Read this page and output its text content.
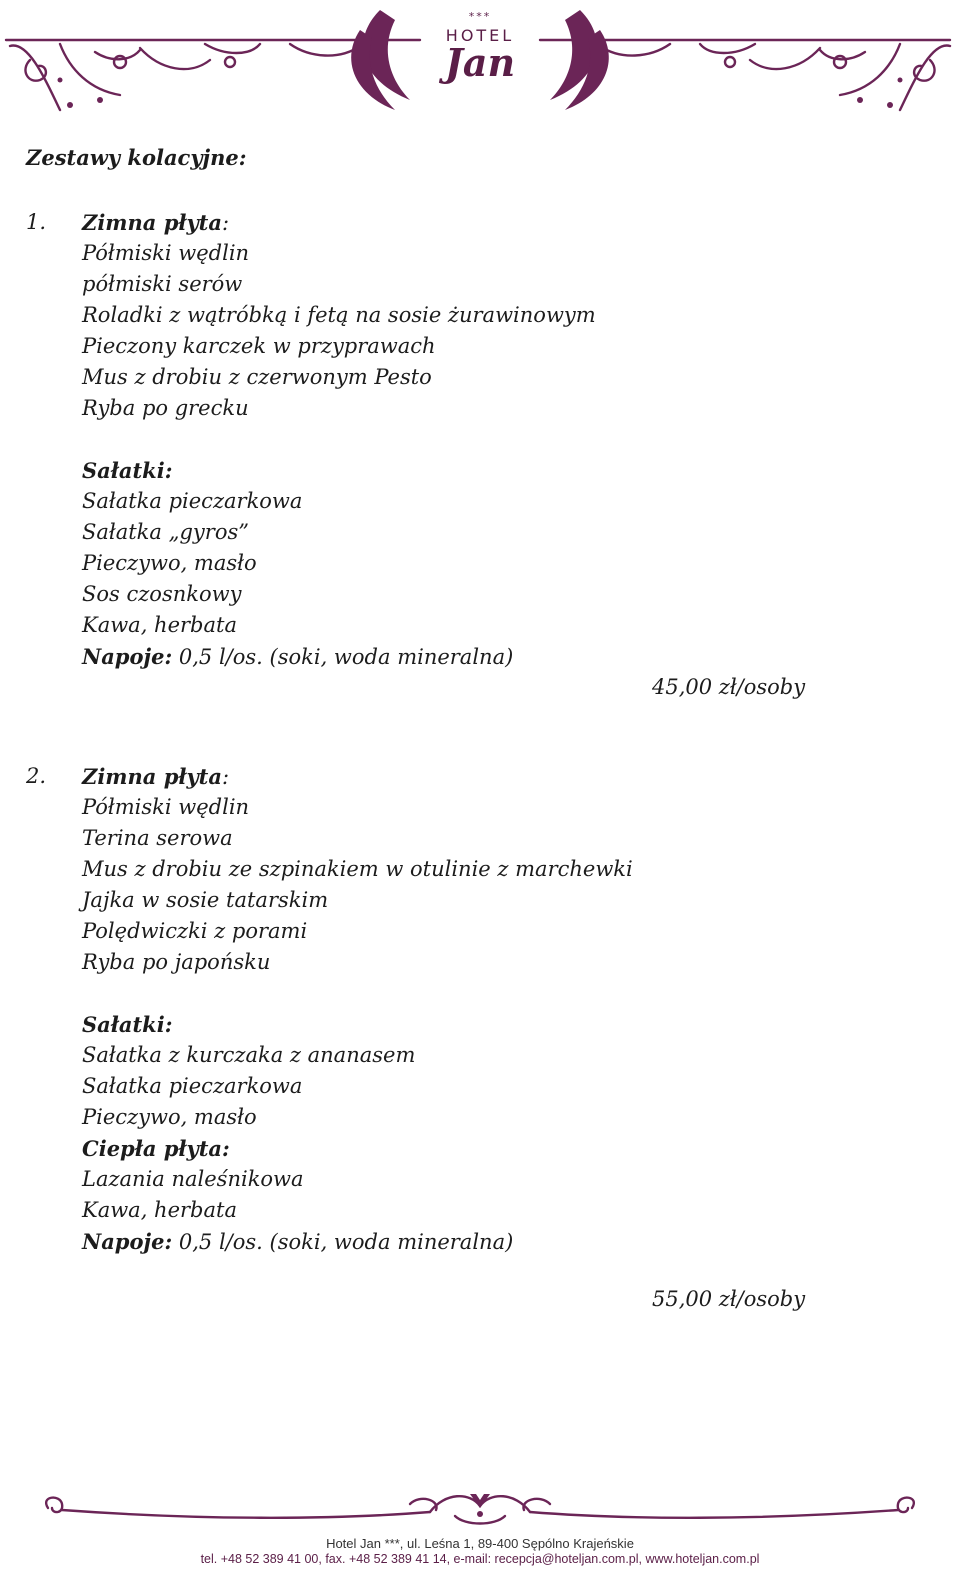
***
HOTEL
Jan
Zestawy kolacyjne:
1. Zimna płyta:
Półmiski wędlin
półmiski serów
Roladki z wątróbką i fetą na sosie żurawinowym
Pieczony karczek w przyprawach
Mus z drobiu z czerwonym Pesto
Ryba po grecku
Sałatki:
Sałatka pieczarkowa
Sałatka „gyros”
Pieczywo, masło
Sos czosnkowy
Kawa, herbata
Napoje: 0,5 l/os. (soki, woda mineralna)
45,00 zł/osoby
2. Zimna płyta:
Półmiski wędlin
Terina serowa
Mus z drobiu ze szpinakiem w otulinie z marchewki
Jajka w sosie tatarskim
Polędwiczki z porami
Ryba po japońsku
Sałatki:
Sałatka z kurczaka z ananasem
Sałatka pieczarkowa
Pieczywo, masło
Ciepła płyta:
Lazania naleśnikowa
Kawa, herbata
Napoje: 0,5 l/os. (soki, woda mineralna)
55,00 zł/osoby
Hotel Jan ***, ul. Leśna 1, 89-400 Sępólno Krajeńskie
tel. +48 52 389 41 00, fax. +48 52 389 41 14, e-mail: recepcja@hoteljan.com.pl, www.hoteljan.com.pl
